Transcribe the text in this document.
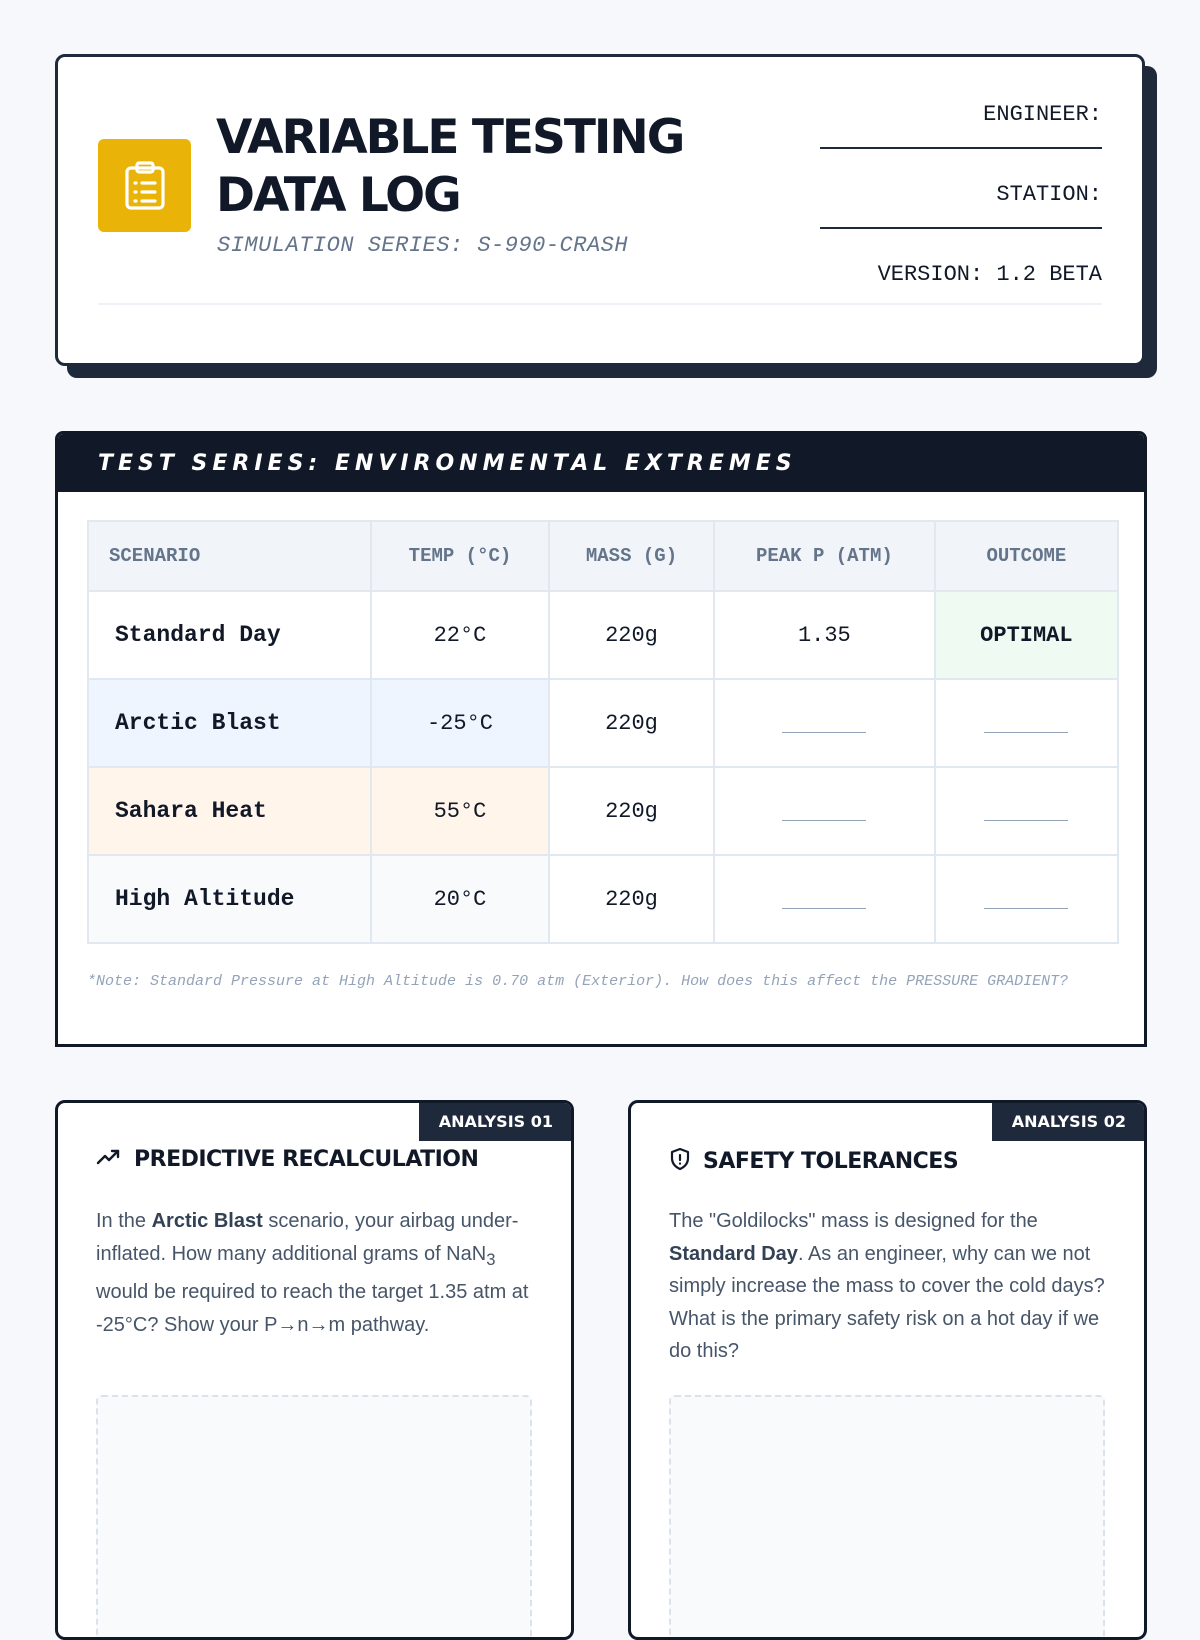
VARIABLE TESTING
DATA LOG
SIMULATION SERIES: S-990-CRASH
ENGINEER:
STATION:
VERSION: 1.2 BETA
TEST SERIES: ENVIRONMENTAL EXTREMES
SCENARIO	TEMP (°C)	MASS (G)	PEAK P (ATM)	OUTCOME
Standard Day	22°C	220g	1.35	OPTIMAL
Arctic Blast	-25°C	220g		
Sahara Heat	55°C	220g		
High Altitude	20°C	220g		
*Note: Standard Pressure at High Altitude is 0.70 atm (Exterior). How does this affect the PRESSURE GRADIENT?
ANALYSIS 01
PREDICTIVE RECALCULATION
In the Arctic Blast scenario, your airbag under-inflated. How many additional grams of NaN$_3$ would be required to reach the target 1.35 atm at -25°C? Show your P→n→m pathway.
ANALYSIS 02
SAFETY TOLERANCES
The "Goldilocks" mass is designed for the Standard Day. As an engineer, why can we not simply increase the mass to cover the cold days? What is the primary safety risk on a hot day if we do this?
